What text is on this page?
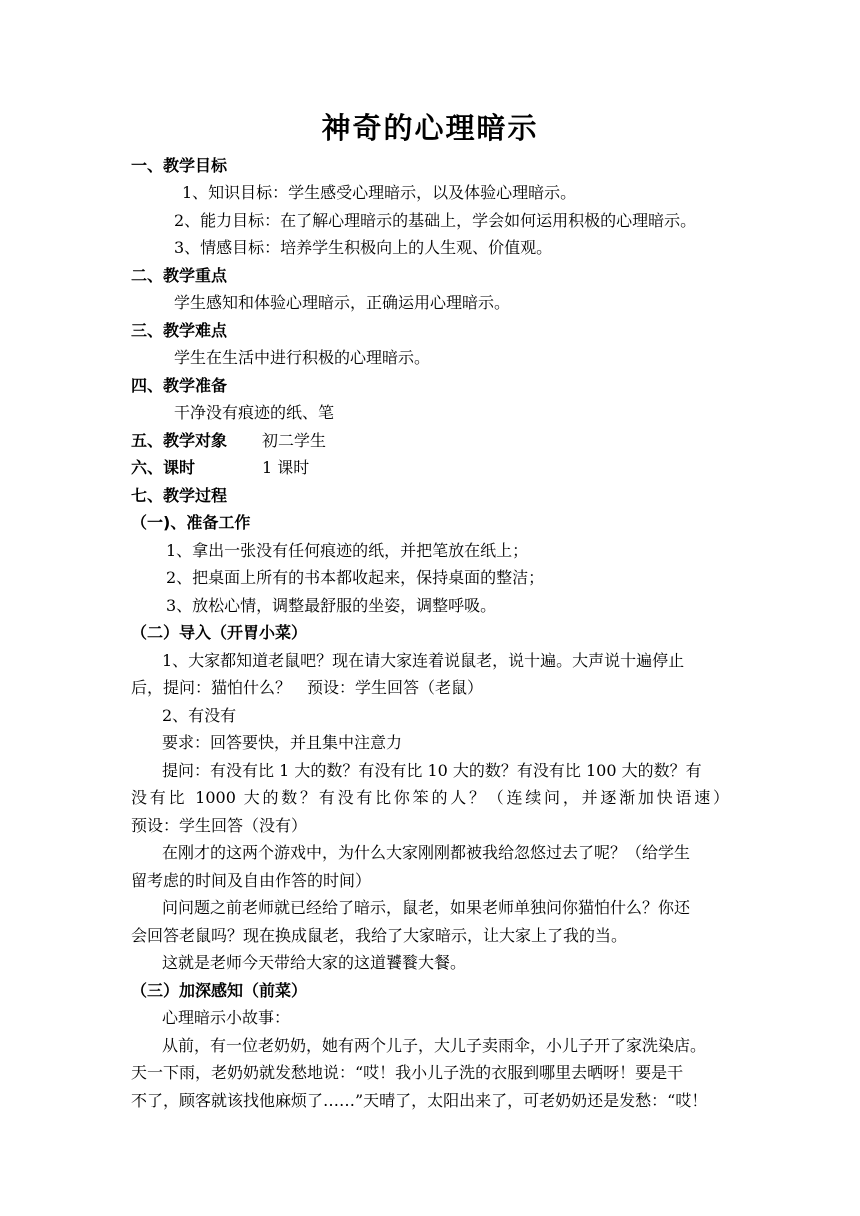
神奇的心理暗示
一、教学目标
1、知识目标：学生感受心理暗示，以及体验心理暗示。
2、能力目标：在了解心理暗示的基础上，学会如何运用积极的心理暗示。
3、情感目标：培养学生积极向上的人生观、价值观。
二、教学重点
学生感知和体验心理暗示，正确运用心理暗示。
三、教学难点
学生在生活中进行积极的心理暗示。
四、教学准备
干净没有痕迹的纸、笔
五、教学对象 初二学生
六、课时	1 课时
七、教学过程
（一)、准备工作
1、拿出一张没有任何痕迹的纸，并把笔放在纸上；
2、把桌面上所有的书本都收起来，保持桌面的整洁；
3、放松心情，调整最舒服的坐姿，调整呼吸。
（二）导入（开胃小菜）
1、大家都知道老鼠吧？现在请大家连着说鼠老，说十遍。大声说十遍停止
后，提问：猫怕什么？　预设：学生回答（老鼠）
2、有没有
要求：回答要快，并且集中注意力
提问：有没有比 1 大的数？有没有比 10 大的数？有没有比 100 大的数？有
没有比 1000 大的数？有没有比你笨的人？（连续问，并逐渐加快语速）
预设：学生回答（没有）
在刚才的这两个游戏中，为什么大家刚刚都被我给忽悠过去了呢？（给学生
留考虑的时间及自由作答的时间）
问问题之前老师就已经给了暗示，鼠老，如果老师单独问你猫怕什么？你还
会回答老鼠吗？现在换成鼠老，我给了大家暗示，让大家上了我的当。
这就是老师今天带给大家的这道饕餮大餐。
（三）加深感知（前菜）
心理暗示小故事：
从前，有一位老奶奶，她有两个儿子，大儿子卖雨伞，小儿子开了家洗染店。
天一下雨，老奶奶就发愁地说：“哎！我小儿子洗的衣服到哪里去晒呀！要是干
不了，顾客就该找他麻烦了……”天晴了，太阳出来了，可老奶奶还是发愁：“哎！
